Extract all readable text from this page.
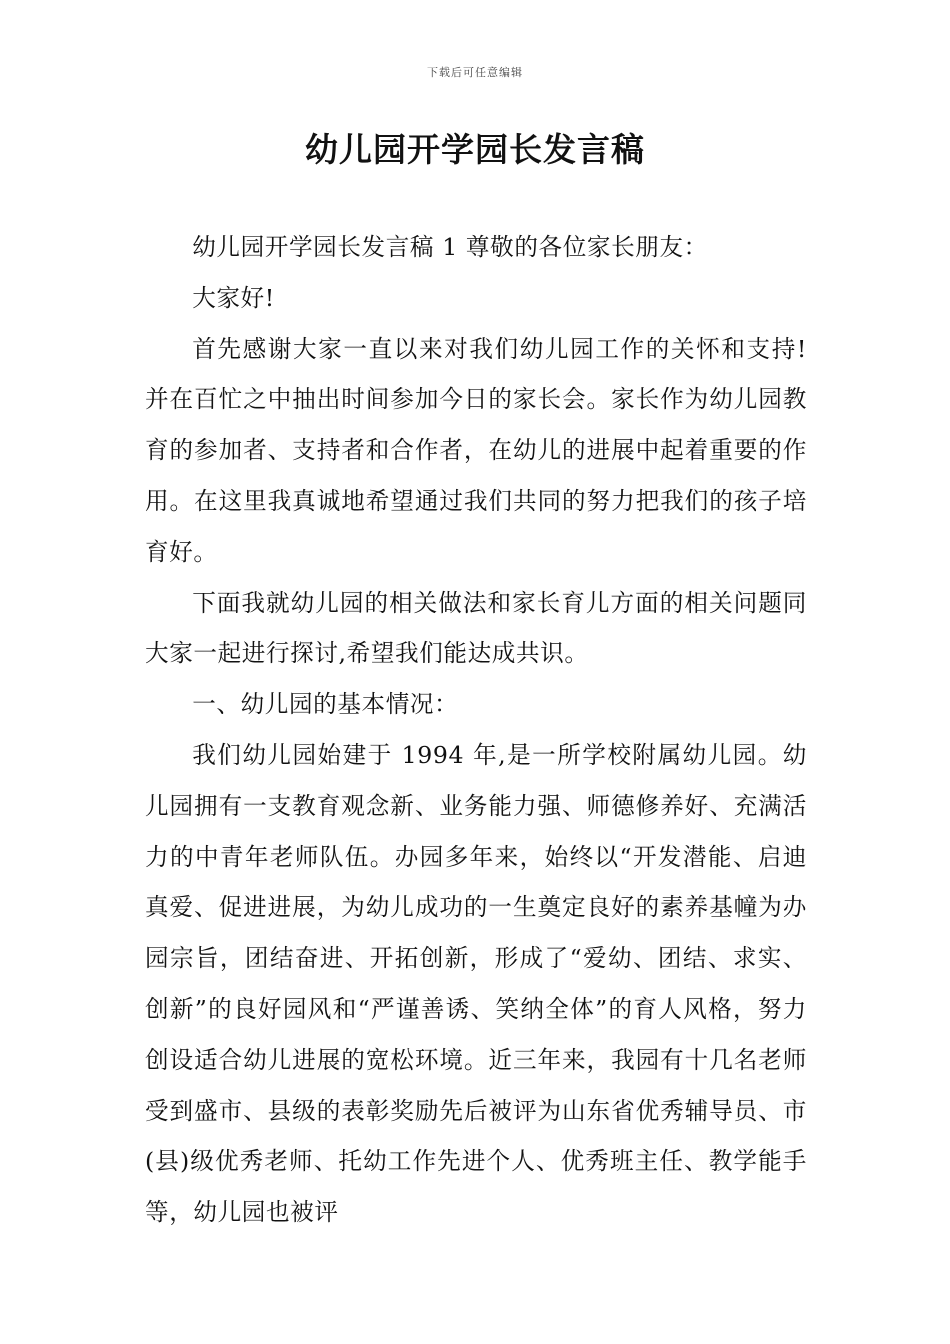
下载后可任意编辑
幼儿园开学园长发言稿

幼儿园开学园长发言稿 1 尊敬的各位家长朋友：

大家好!

首先感谢大家一直以来对我们幼儿园工作的关怀和支持!并在百忙之中抽出时间参加今日的家长会。家长作为幼儿园教育的参加者、支持者和合作者，在幼儿的进展中起着重要的作用。在这里我真诚地希望通过我们共同的努力把我们的孩子培育好。

下面我就幼儿园的相关做法和家长育儿方面的相关问题同大家一起进行探讨,希望我们能达成共识。

一、幼儿园的基本情况：

我们幼儿园始建于 1994 年,是一所学校附属幼儿园。幼儿园拥有一支教育观念新、业务能力强、师德修养好、充满活力的中青年老师队伍。办园多年来，始终以“开发潜能、启迪真爱、促进进展，为幼儿成功的一生奠定良好的素养基幢为办园宗旨，团结奋进、开拓创新，形成了“爱幼、团结、求实、创新”的良好园风和“严谨善诱、笑纳全体”的育人风格，努力创设适合幼儿进展的宽松环境。近三年来，我园有十几名老师受到盛市、县级的表彰奖励先后被评为山东省优秀辅导员、市(县)级优秀老师、托幼工作先进个人、优秀班主任、教学能手等，幼儿园也被评
